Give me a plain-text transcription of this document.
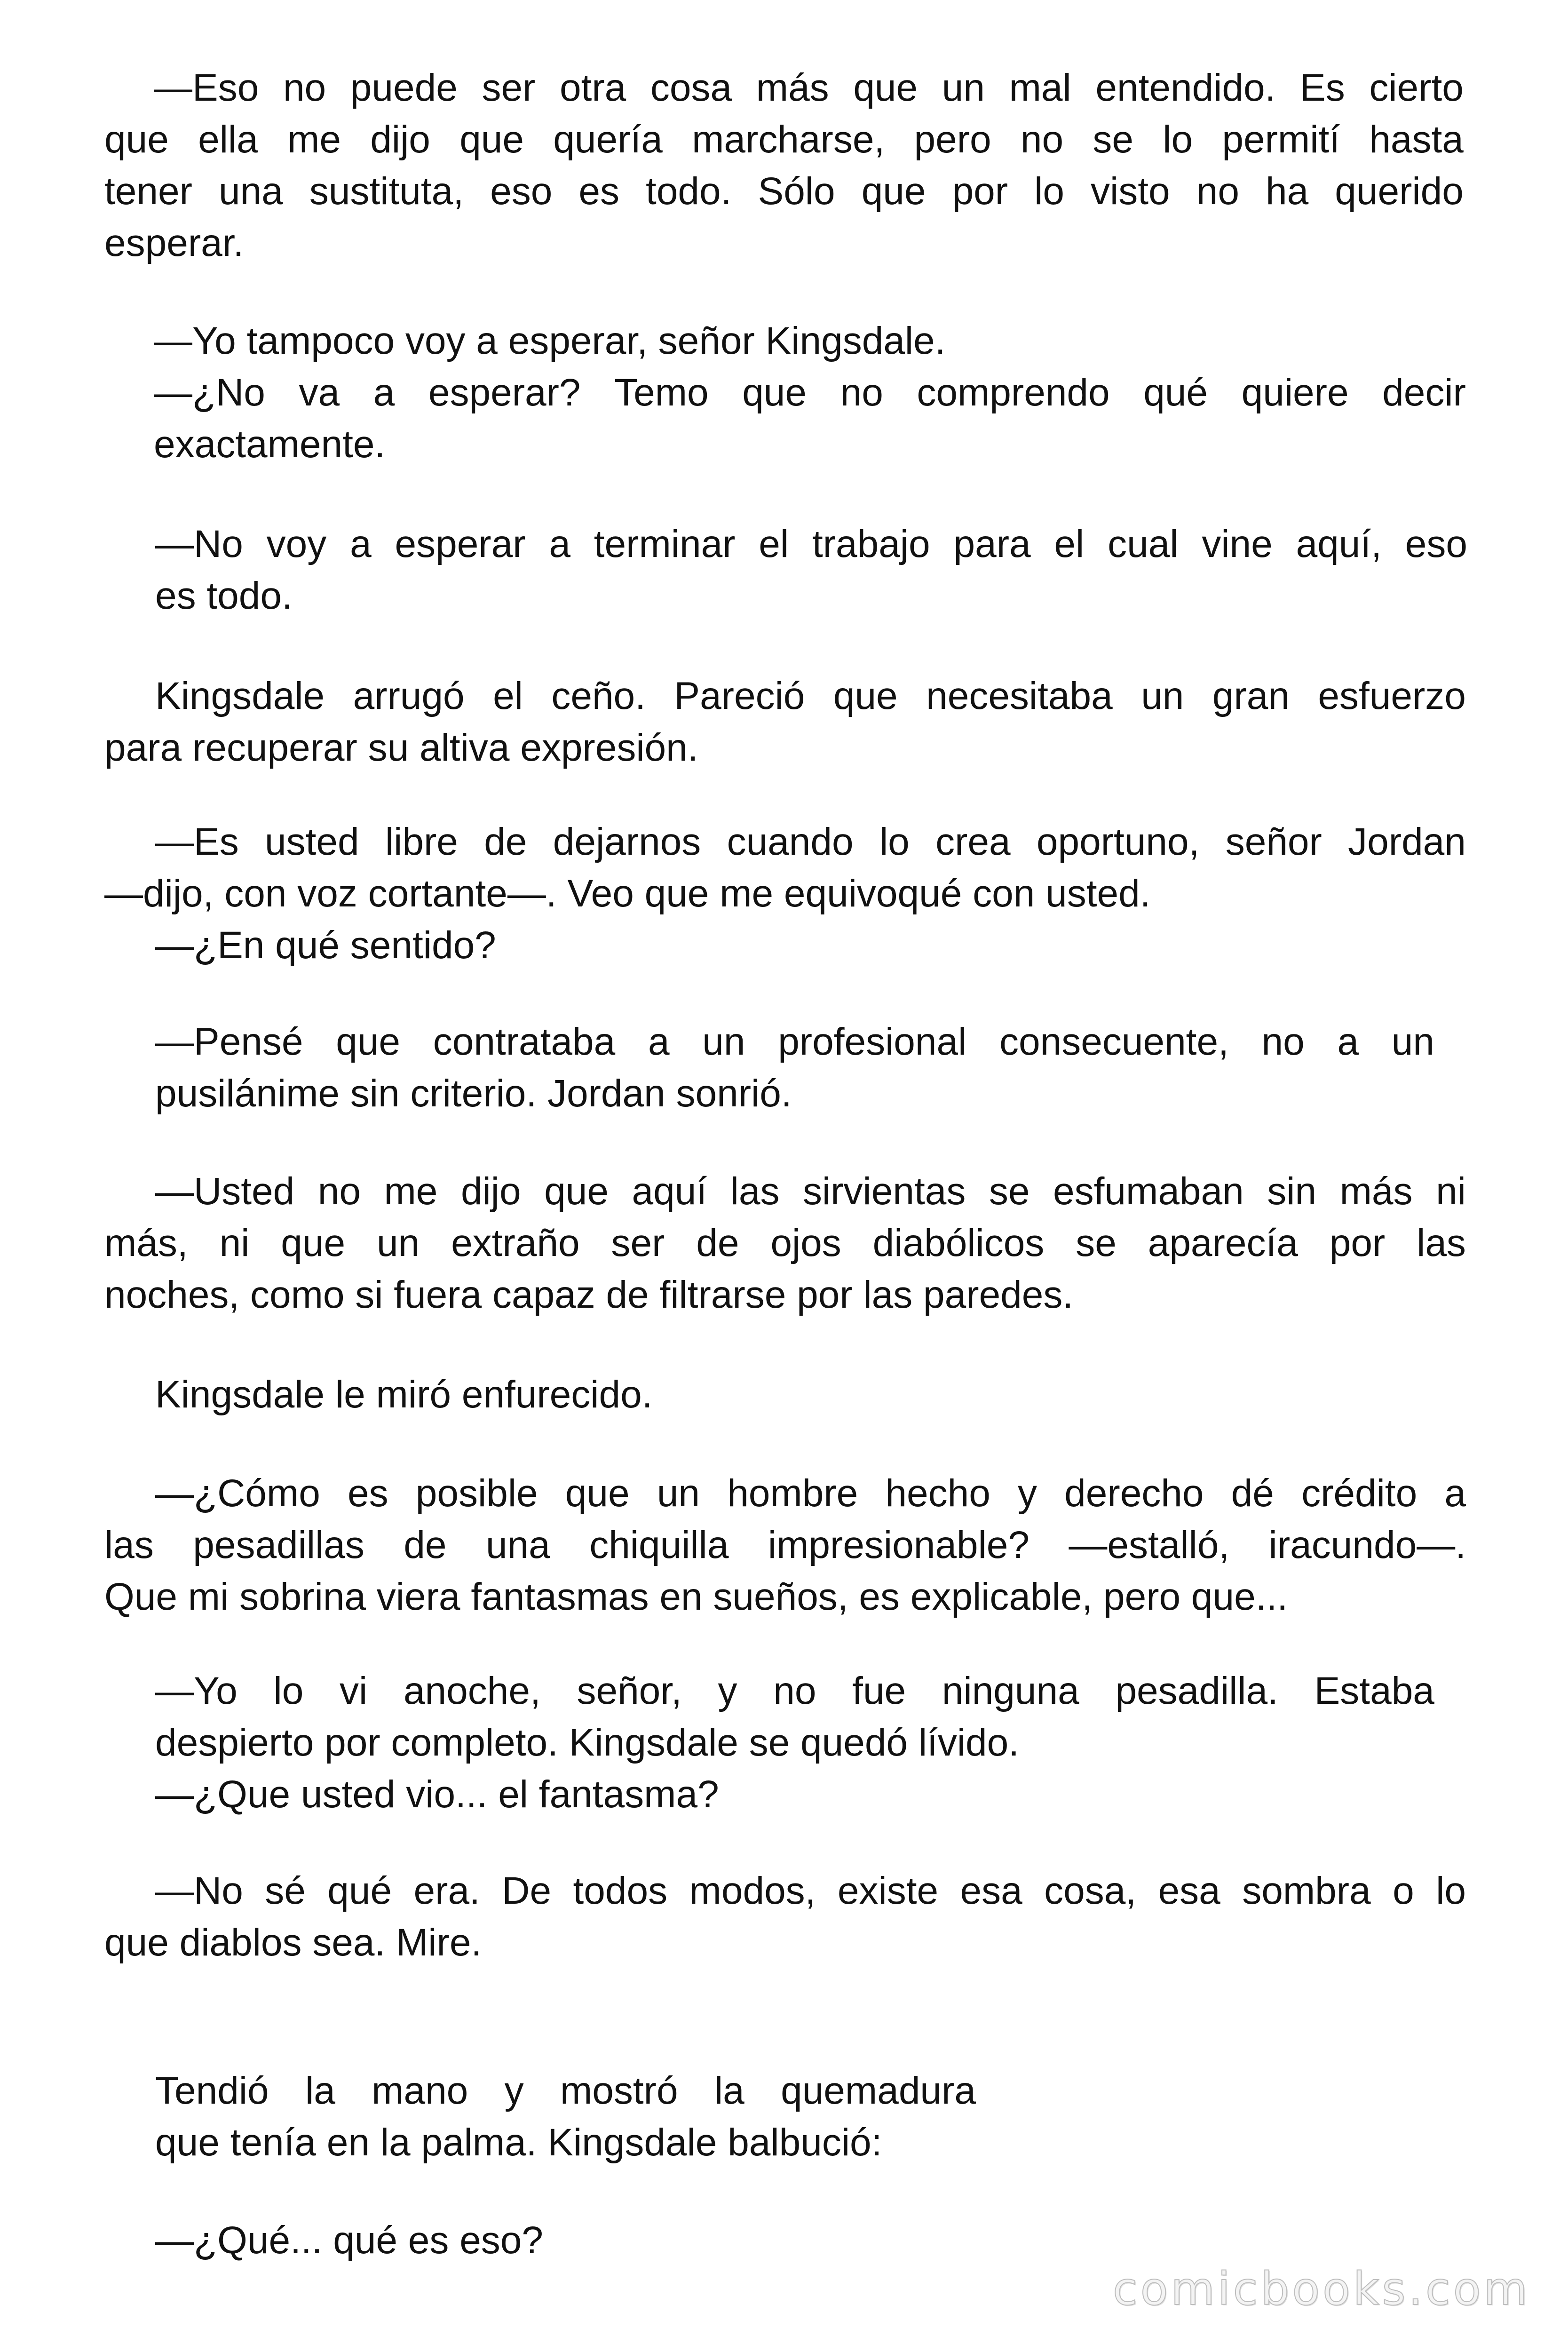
—Eso no puede ser otra cosa más que un mal entendido. Es cierto
que ella me dijo que quería marcharse, pero no se lo permití hasta
tener una sustituta, eso es todo. Sólo que por lo visto no ha querido
esperar.
—Yo tampoco voy a esperar, señor Kingsdale.
—¿No va a esperar? Temo que no comprendo qué quiere decir
exactamente.
—No voy a esperar a terminar el trabajo para el cual vine aquí, eso
es todo.
Kingsdale arrugó el ceño. Pareció que necesitaba un gran esfuerzo
para recuperar su altiva expresión.
—Es usted libre de dejarnos cuando lo crea oportuno, señor Jordan
—dijo, con voz cortante—. Veo que me equivoqué con usted.
—¿En qué sentido?
—Pensé que contrataba a un profesional consecuente, no a un
pusilánime sin criterio. Jordan sonrió.
—Usted no me dijo que aquí las sirvientas se esfumaban sin más ni
más, ni que un extraño ser de ojos diabólicos se aparecía por las
noches, como si fuera capaz de filtrarse por las paredes.
Kingsdale le miró enfurecido.
—¿Cómo es posible que un hombre hecho y derecho dé crédito a
las pesadillas de una chiquilla impresionable? —estalló, iracundo—.
Que mi sobrina viera fantasmas en sueños, es explicable, pero que...
—Yo lo vi anoche, señor, y no fue ninguna pesadilla. Estaba
despierto por completo. Kingsdale se quedó lívido.
—¿Que usted vio... el fantasma?
—No sé qué era. De todos modos, existe esa cosa, esa sombra o lo
que diablos sea. Mire.
Tendió la mano y mostró la quemadura
que tenía en la palma. Kingsdale balbució:
—¿Qué... qué es eso?
comicbooks.com
